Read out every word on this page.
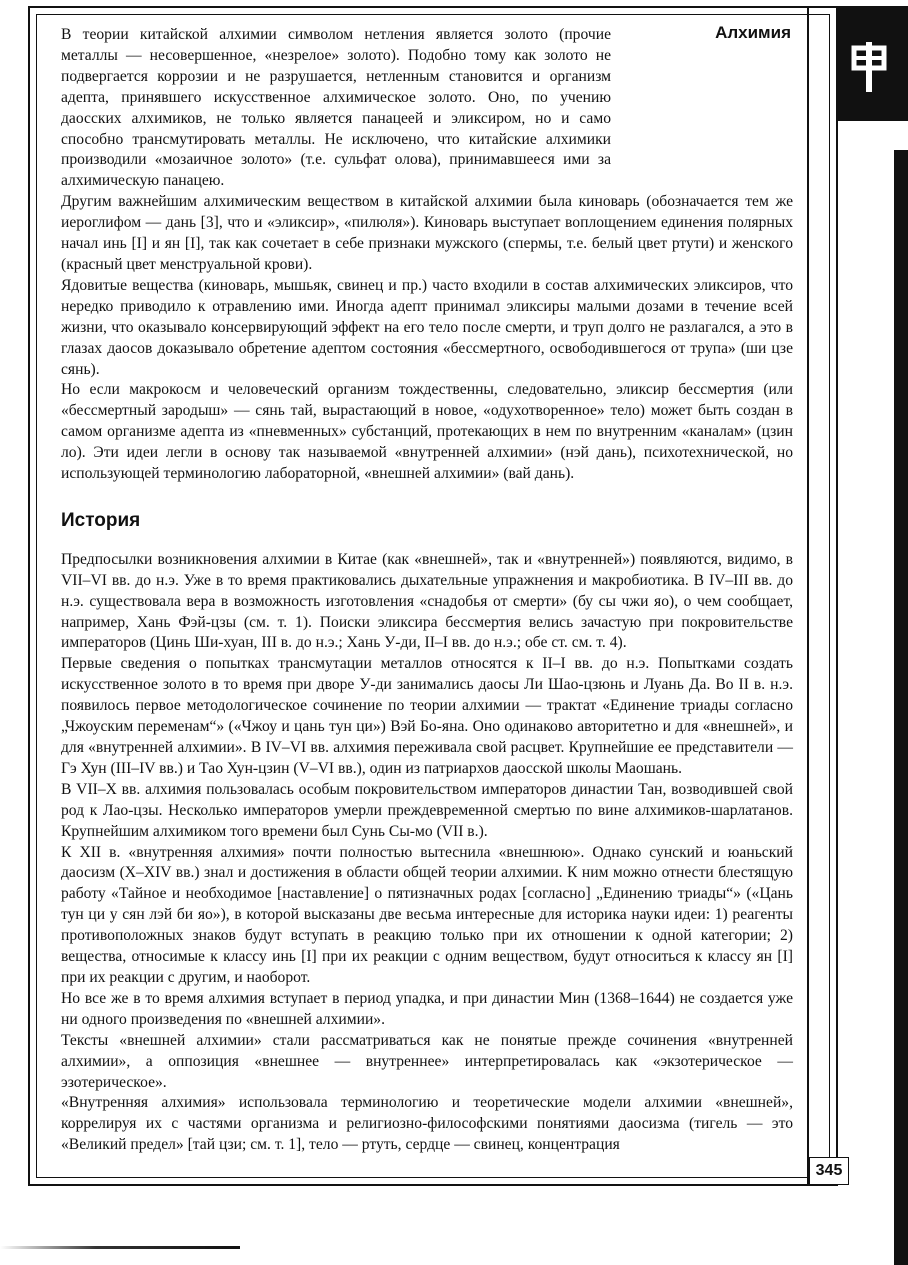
Алхимия

В теории китайской алхимии символом нетления является золото (прочие металлы — несовершенное, «незрелое» золото). Подобно тому как золото не подвергается коррозии и не разрушается, нетленным становится и организм адепта, принявшего искусственное алхимическое золото. Оно, по учению даосских алхимиков, не только является панацеей и эликсиром, но и само способно трансмутировать металлы. Не исключено, что китайские алхимики производили «мозаичное золото» (т.е. сульфат олова), принимавшееся ими за алхимическую панацею.

Другим важнейшим алхимическим веществом в китайской алхимии была киноварь (обозначается тем же иероглифом — дань [3], что и «эликсир», «пилюля»). Киноварь выступает воплощением единения полярных начал инь [I] и ян [I], так как сочетает в себе признаки мужского (спермы, т.е. белый цвет ртути) и женского (красный цвет менструальной крови).

Ядовитые вещества (киноварь, мышьяк, свинец и пр.) часто входили в состав алхимических эликсиров, что нередко приводило к отравлению ими. Иногда адепт принимал эликсиры малыми дозами в течение всей жизни, что оказывало консервирующий эффект на его тело после смерти, и труп долго не разлагался, а это в глазах даосов доказывало обретение адептом состояния «бессмертного, освободившегося от трупа» (ши цзе сянь).

Но если макрокосм и человеческий организм тождественны, следовательно, эликсир бессмертия (или «бессмертный зародыш» — сянь тай, вырастающий в новое, «одухотворенное» тело) может быть создан в самом организме адепта из «пневменных» субстанций, протекающих в нем по внутренним «каналам» (цзин ло). Эти идеи легли в основу так называемой «внутренней алхимии» (нэй дань), психотехнической, но использующей терминологию лабораторной, «внешней алхимии» (вай дань).

История

Предпосылки возникновения алхимии в Китае (как «внешней», так и «внутренней») появляются, видимо, в VII–VI вв. до н.э. Уже в то время практиковались дыхательные упражнения и макробиотика. В IV–III вв. до н.э. существовала вера в возможность изготовления «снадобья от смерти» (бу сы чжи яо), о чем сообщает, например, Хань Фэй-цзы (см. т. 1). Поиски эликсира бессмертия велись зачастую при покровительстве императоров (Цинь Ши-хуан, III в. до н.э.; Хань У-ди, II–I вв. до н.э.; обе ст. см. т. 4).

Первые сведения о попытках трансмутации металлов относятся к II–I вв. до н.э. Попытками создать искусственное золото в то время при дворе У-ди занимались даосы Ли Шао-цзюнь и Луань Да. Во II в. н.э. появилось первое методологическое сочинение по теории алхимии — трактат «Единение триады согласно „Чжоуским переменам“» («Чжоу и цань тун ци») Вэй Бо-яна. Оно одинаково авторитетно и для «внешней», и для «внутренней алхимии». В IV–VI вв. алхимия переживала свой расцвет. Крупнейшие ее представители — Гэ Хун (III–IV вв.) и Тао Хун-цзин (V–VI вв.), один из патриархов даосской школы Маошань.

В VII–X вв. алхимия пользовалась особым покровительством императоров династии Тан, возводившей свой род к Лао-цзы. Несколько императоров умерли преждевременной смертью по вине алхимиков-шарлатанов. Крупнейшим алхимиком того времени был Сунь Сы-мо (VII в.).

К XII в. «внутренняя алхимия» почти полностью вытеснила «внешнюю». Однако сунский и юаньский даосизм (X–XIV вв.) знал и достижения в области общей теории алхимии. К ним можно отнести блестящую работу «Тайное и необходимое [наставление] о пятизначных родах [согласно] „Единению триады“» («Цань тун ци у сян лэй би яо»), в которой высказаны две весьма интересные для историка науки идеи: 1) реагенты противоположных знаков будут вступать в реакцию только при их отношении к одной категории; 2) вещества, относимые к классу инь [I] при их реакции с одним веществом, будут относиться к классу ян [I] при их реакции с другим, и наоборот.

Но все же в то время алхимия вступает в период упадка, и при династии Мин (1368–1644) не создается уже ни одного произведения по «внешней алхимии».

Тексты «внешней алхимии» стали рассматриваться как не понятые прежде сочинения «внутренней алхимии», а оппозиция «внешнее — внутреннее» интерпретировалась как «экзотерическое — эзотерическое».

«Внутренняя алхимия» использовала терминологию и теоретические модели алхимии «внешней», коррелируя их с частями организма и религиозно-философскими понятиями даосизма (тигель — это «Великий предел» [тай цзи; см. т. 1], тело — ртуть, сердце — свинец, концентрация

345
